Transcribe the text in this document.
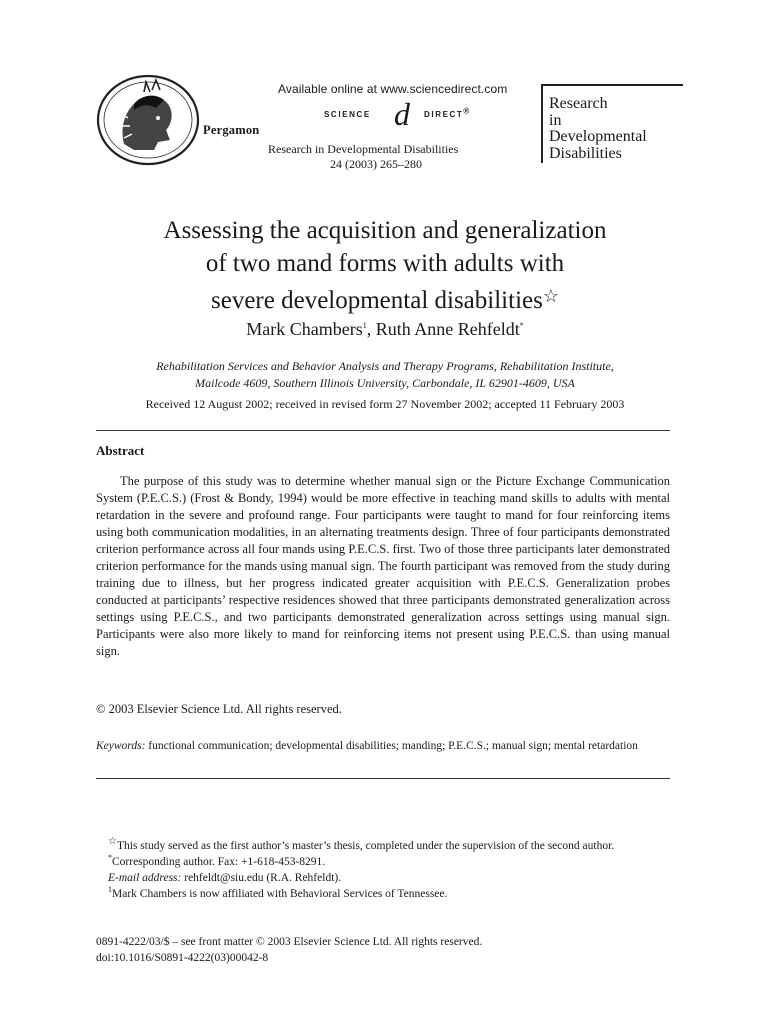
Pergamon
Available online at www.sciencedirect.com
SCIENCE d DIRECT®
Research in Developmental Disabilities
24 (2003) 265–280
Research
in
Developmental
Disabilities
Assessing the acquisition and generalization
of two mand forms with adults with
severe developmental disabilities☆
Mark Chambers$^1$, Ruth Anne Rehfeldt*
Rehabilitation Services and Behavior Analysis and Therapy Programs, Rehabilitation Institute,
Mailcode 4609, Southern Illinois University, Carbondale, IL 62901-4609, USA
Received 12 August 2002; received in revised form 27 November 2002; accepted 11 February 2003
Abstract
The purpose of this study was to determine whether manual sign or the Picture Exchange Communication System (P.E.C.S.) (Frost & Bondy, 1994) would be more effective in teaching mand skills to adults with mental retardation in the severe and profound range. Four participants were taught to mand for four reinforcing items using both communication modalities, in an alternating treatments design. Three of four participants demonstrated criterion performance across all four mands using P.E.C.S. first. Two of those three participants later demonstrated criterion performance for the mands using manual sign. The fourth participant was removed from the study during training due to illness, but her progress indicated greater acquisition with P.E.C.S. Generalization probes conducted at participants’ respective residences showed that three participants demonstrated generalization across settings using P.E.C.S., and two participants demonstrated generalization across settings using manual sign. Participants were also more likely to mand for reinforcing items not present using P.E.C.S. than using manual sign.
© 2003 Elsevier Science Ltd. All rights reserved.
Keywords: functional communication; developmental disabilities; manding; P.E.C.S.; manual sign; mental retardation
☆This study served as the first author’s master’s thesis, completed under the supervision of the second author.
*Corresponding author. Fax: +1-618-453-8291.
E-mail address: rehfeldt@siu.edu (R.A. Rehfeldt).
$^1$Mark Chambers is now affiliated with Behavioral Services of Tennessee.
0891-4222/03/$ – see front matter © 2003 Elsevier Science Ltd. All rights reserved.
doi:10.1016/S0891-4222(03)00042-8
